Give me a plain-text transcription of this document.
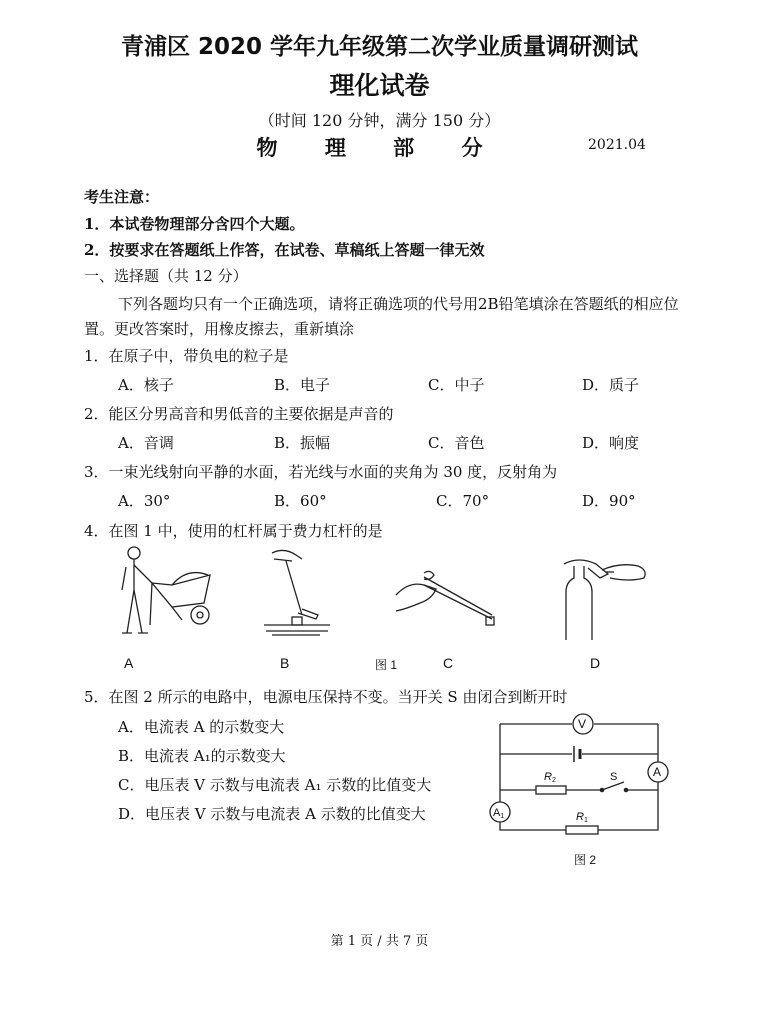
青浦区 2020 学年九年级第二次学业质量调研测试
理化试卷
（时间 120 分钟，满分 150 分）
物 理 部 分	2021.04
考生注意：
1．本试卷物理部分含四个大题。
2．按要求在答题纸上作答，在试卷、草稿纸上答题一律无效
一、选择题（共 12 分）
下列各题均只有一个正确选项，请将正确选项的代号用2B铅笔填涂在答题纸的相应位
置。更改答案时，用橡皮擦去，重新填涂
1．在原子中，带负电的粒子是
A．核子	B．电子	C．中子	D．质子
2．能区分男高音和男低音的主要依据是声音的
A．音调	B．振幅	C．音色	D．响度
3．一束光线射向平静的水面，若光线与水面的夹角为 30 度，反射角为
A．30°	B．60°	C．70°	D．90°
4．在图 1 中，使用的杠杆属于费力杠杆的是
A	B	图 1	C	D
5．在图 2 所示的电路中，电源电压保持不变。当开关 S 由闭合到断开时
A．电流表 A 的示数变大
B．电流表 A₁的示数变大
C．电压表 V 示数与电流表 A₁ 示数的比值变大
D．电压表 V 示数与电流表 A 示数的比值变大
V
A
A1
R2
R1
S
图 2
第 1 页 / 共 7 页
